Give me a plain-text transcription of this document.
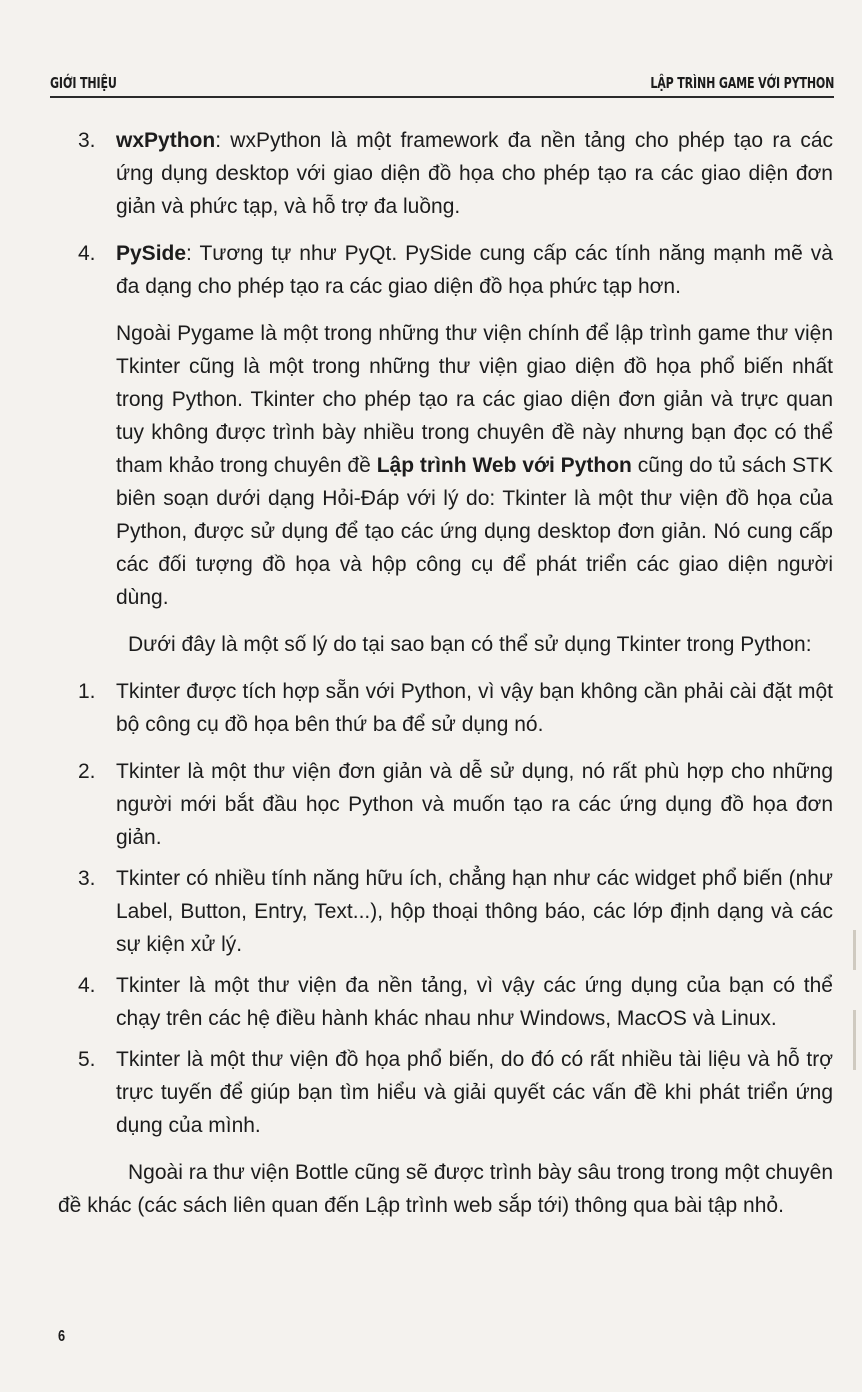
GIỚI THIỆU	LẬP TRÌNH GAME VỚI PYTHON
3. wxPython: wxPython là một framework đa nền tảng cho phép tạo ra các ứng dụng desktop với giao diện đồ họa cho phép tạo ra các giao diện đơn giản và phức tạp, và hỗ trợ đa luồng.
4. PySide: Tương tự như PyQt. PySide cung cấp các tính năng mạnh mẽ và đa dạng cho phép tạo ra các giao diện đồ họa phức tạp hơn.
Ngoài Pygame là một trong những thư viện chính để lập trình game thư viện Tkinter cũng là một trong những thư viện giao diện đồ họa phổ biến nhất trong Python. Tkinter cho phép tạo ra các giao diện đơn giản và trực quan tuy không được trình bày nhiều trong chuyên đề này nhưng bạn đọc có thể tham khảo trong chuyên đề Lập trình Web với Python cũng do tủ sách STK biên soạn dưới dạng Hỏi-Đáp với lý do: Tkinter là một thư viện đồ họa của Python, được sử dụng để tạo các ứng dụng desktop đơn giản. Nó cung cấp các đối tượng đồ họa và hộp công cụ để phát triển các giao diện người dùng.
Dưới đây là một số lý do tại sao bạn có thể sử dụng Tkinter trong Python:
1. Tkinter được tích hợp sẵn với Python, vì vậy bạn không cần phải cài đặt một bộ công cụ đồ họa bên thứ ba để sử dụng nó.
2. Tkinter là một thư viện đơn giản và dễ sử dụng, nó rất phù hợp cho những người mới bắt đầu học Python và muốn tạo ra các ứng dụng đồ họa đơn giản.
3. Tkinter có nhiều tính năng hữu ích, chẳng hạn như các widget phổ biến (như Label, Button, Entry, Text...), hộp thoại thông báo, các lớp định dạng và các sự kiện xử lý.
4. Tkinter là một thư viện đa nền tảng, vì vậy các ứng dụng của bạn có thể chạy trên các hệ điều hành khác nhau như Windows, MacOS và Linux.
5. Tkinter là một thư viện đồ họa phổ biến, do đó có rất nhiều tài liệu và hỗ trợ trực tuyến để giúp bạn tìm hiểu và giải quyết các vấn đề khi phát triển ứng dụng của mình.
Ngoài ra thư viện Bottle cũng sẽ được trình bày sâu trong trong một chuyên đề khác (các sách liên quan đến Lập trình web sắp tới) thông qua bài tập nhỏ.
6
